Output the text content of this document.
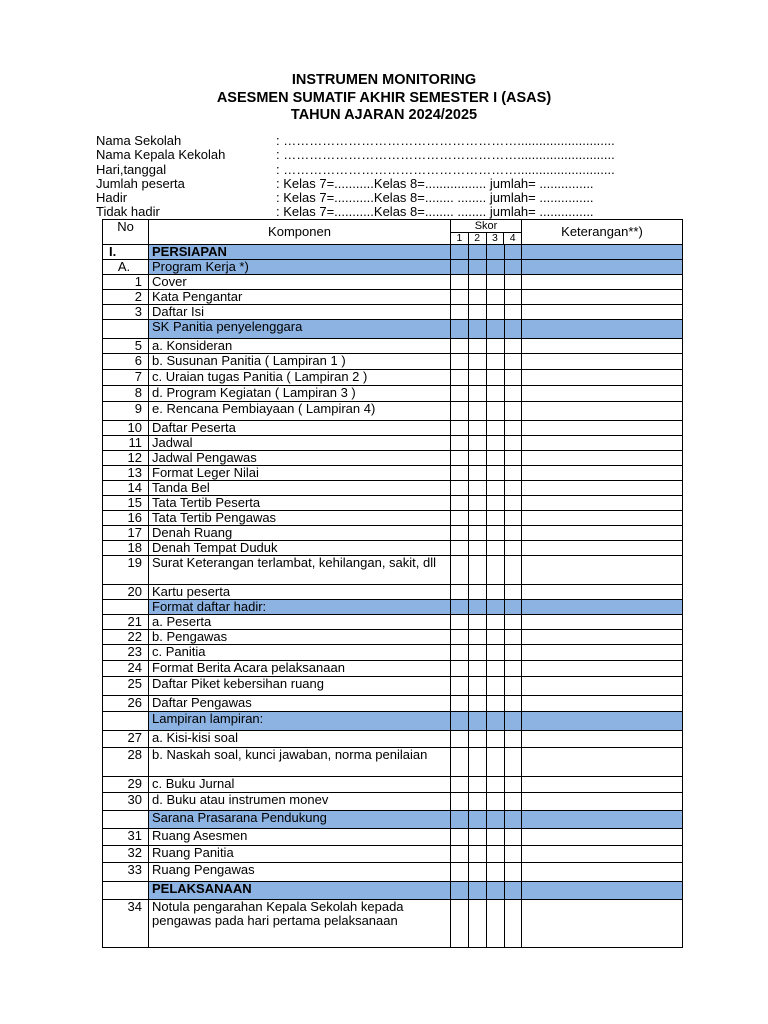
INSTRUMEN MONITORING
ASESMEN SUMATIF AKHIR SEMESTER I (ASAS)
TAHUN AJARAN 2024/2025
Nama Sekolah	: ………………………………………………...........................
Nama Kepala Kekolah	: ………………………………………………...........................
Hari,tanggal	: ………………………………………………...........................
Jumlah peserta	: Kelas 7=...........Kelas 8=................. jumlah= ...............
Hadir	: Kelas 7=...........Kelas 8=........ ........ jumlah= ...............
Tidak hadir	: Kelas 7=...........Kelas 8=........ ........ jumlah= ...............
No	Komponen	Skor
1 2 3 4				Keterangan**)
I.	PERSIAPAN					
A.	Program Kerja *)					
1	Cover					
2	Kata Pengantar					
3	Daftar Isi					
	SK Panitia penyelenggara					
5	a. Konsideran					
6	b. Susunan Panitia ( Lampiran 1 )					
7	c. Uraian tugas Panitia ( Lampiran 2 )					
8	d. Program Kegiatan ( Lampiran 3 )					
9	e. Rencana Pembiayaan ( Lampiran 4)					
10	Daftar Peserta					
11	Jadwal					
12	Jadwal Pengawas					
13	Format Leger Nilai					
14	Tanda Bel					
15	Tata Tertib Peserta					
16	Tata Tertib Pengawas					
17	Denah Ruang					
18	Denah Tempat Duduk					
19	Surat Keterangan terlambat, kehilangan, sakit, dll					
20	Kartu peserta					
	Format daftar hadir:					
21	a. Peserta					
22	b. Pengawas					
23	c. Panitia					
24	Format Berita Acara pelaksanaan					
25	Daftar Piket kebersihan ruang					
26	Daftar Pengawas					
	Lampiran lampiran:					
27	a. Kisi-kisi soal					
28	b. Naskah soal, kunci jawaban, norma penilaian					
29	c. Buku Jurnal					
30	d. Buku atau instrumen monev					
	Sarana Prasarana Pendukung					
31	Ruang Asesmen					
32	Ruang Panitia					
33	Ruang Pengawas					
	PELAKSANAAN					
34	Notula pengarahan Kepala Sekolah kepada pengawas pada hari pertama pelaksanaan					
